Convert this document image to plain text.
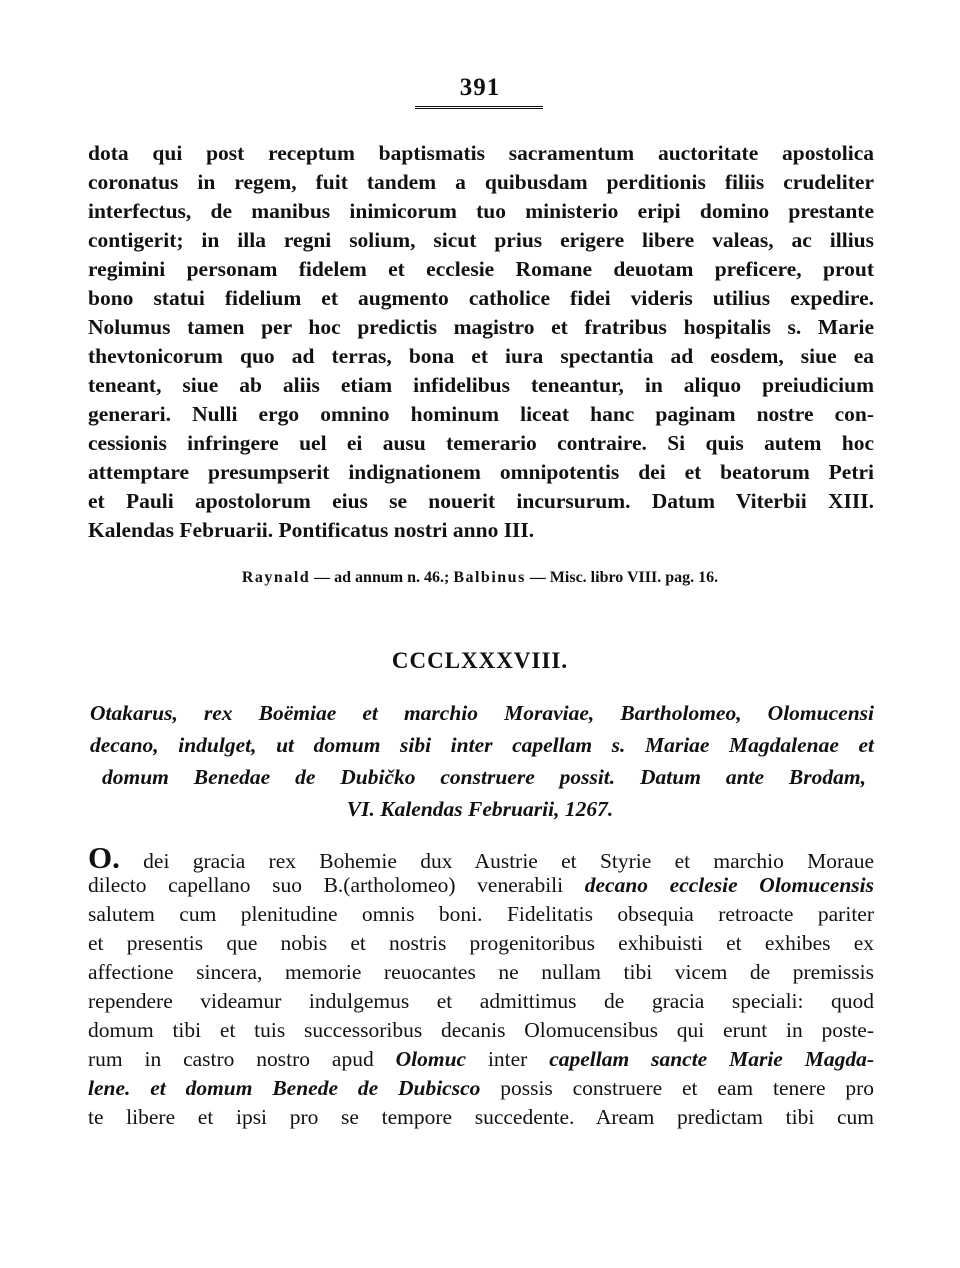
391
dota qui post receptum baptismatis sacramentum auctoritate apostolica
coronatus in regem, fuit tandem a quibusdam perditionis filiis crudeliter
interfectus, de manibus inimicorum tuo ministerio eripi domino prestante
contigerit; in illa regni solium, sicut prius erigere libere valeas, ac illius
regimini personam fidelem et ecclesie Romane deuotam preficere, prout
bono statui fidelium et augmento catholice fidei videris utilius expedire.
Nolumus tamen per hoc predictis magistro et fratribus hospitalis s. Marie
thevtonicorum quo ad terras, bona et iura spectantia ad eosdem, siue ea
teneant, siue ab aliis etiam infidelibus teneantur, in aliquo preiudicium
generari. Nulli ergo omnino hominum liceat hanc paginam nostre con-
cessionis infringere uel ei ausu temerario contraire. Si quis autem hoc
attemptare presumpserit indignationem omnipotentis dei et beatorum Petri
et Pauli apostolorum eius se nouerit incursurum. Datum Viterbii XIII.
Kalendas Februarii. Pontificatus nostri anno III.
Raynald — ad annum n. 46.; Balbinus — Misc. libro VIII. pag. 16.
CCCLXXXVIII.
Otakarus, rex Boëmiae et marchio Moraviae, Bartholomeo, Olomucensi
decano, indulget, ut domum sibi inter capellam s. Mariae Magdalenae et
domum Benedae de Dubičko construere possit. Datum ante Brodam,
VI. Kalendas Februarii, 1267.
O. dei gracia rex Bohemie dux Austrie et Styrie et marchio Moraue
dilecto capellano suo B.(artholomeo) venerabili decano ecclesie Olomucensis
salutem cum plenitudine omnis boni. Fidelitatis obsequia retroacte pariter
et presentis que nobis et nostris progenitoribus exhibuisti et exhibes ex
affectione sincera, memorie reuocantes ne nullam tibi vicem de premissis
rependere videamur indulgemus et admittimus de gracia speciali: quod
domum tibi et tuis successoribus decanis Olomucensibus qui erunt in poste-
rum in castro nostro apud Olomuc inter capellam sancte Marie Magda-
lene. et domum Benede de Dubicsco possis construere et eam tenere pro
te libere et ipsi pro se tempore succedente. Aream predictam tibi cum
